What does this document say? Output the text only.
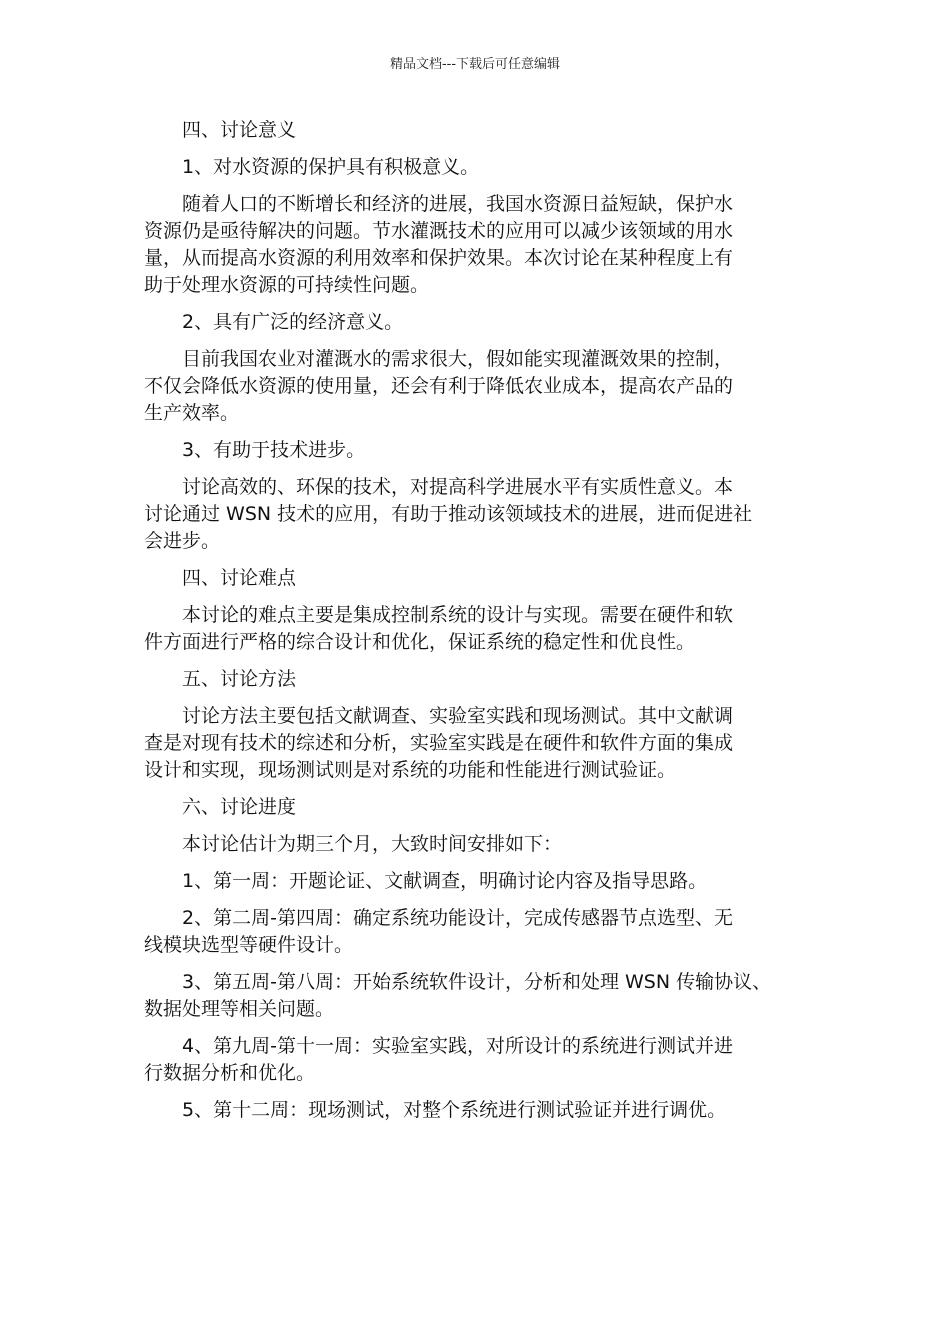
精品文档---下载后可任意编辑

四、讨论意义

1、对水资源的保护具有积极意义。

随着人口的不断增长和经济的进展，我国水资源日益短缺，保护水
资源仍是亟待解决的问题。节水灌溉技术的应用可以减少该领域的用水
量，从而提高水资源的利用效率和保护效果。本次讨论在某种程度上有
助于处理水资源的可持续性问题。

2、具有广泛的经济意义。

目前我国农业对灌溉水的需求很大，假如能实现灌溉效果的控制，
不仅会降低水资源的使用量，还会有利于降低农业成本，提高农产品的
生产效率。

3、有助于技术进步。

讨论高效的、环保的技术，对提高科学进展水平有实质性意义。本
讨论通过 WSN 技术的应用，有助于推动该领域技术的进展，进而促进社
会进步。

四、讨论难点

本讨论的难点主要是集成控制系统的设计与实现。需要在硬件和软
件方面进行严格的综合设计和优化，保证系统的稳定性和优良性。

五、讨论方法

讨论方法主要包括文献调查、实验室实践和现场测试。其中文献调
查是对现有技术的综述和分析，实验室实践是在硬件和软件方面的集成
设计和实现，现场测试则是对系统的功能和性能进行测试验证。

六、讨论进度

本讨论估计为期三个月，大致时间安排如下：

1、第一周：开题论证、文献调查，明确讨论内容及指导思路。

2、第二周-第四周：确定系统功能设计，完成传感器节点选型、无
线模块选型等硬件设计。

3、第五周-第八周：开始系统软件设计，分析和处理 WSN 传输协议、
数据处理等相关问题。

4、第九周-第十一周：实验室实践，对所设计的系统进行测试并进
行数据分析和优化。

5、第十二周：现场测试，对整个系统进行测试验证并进行调优。
